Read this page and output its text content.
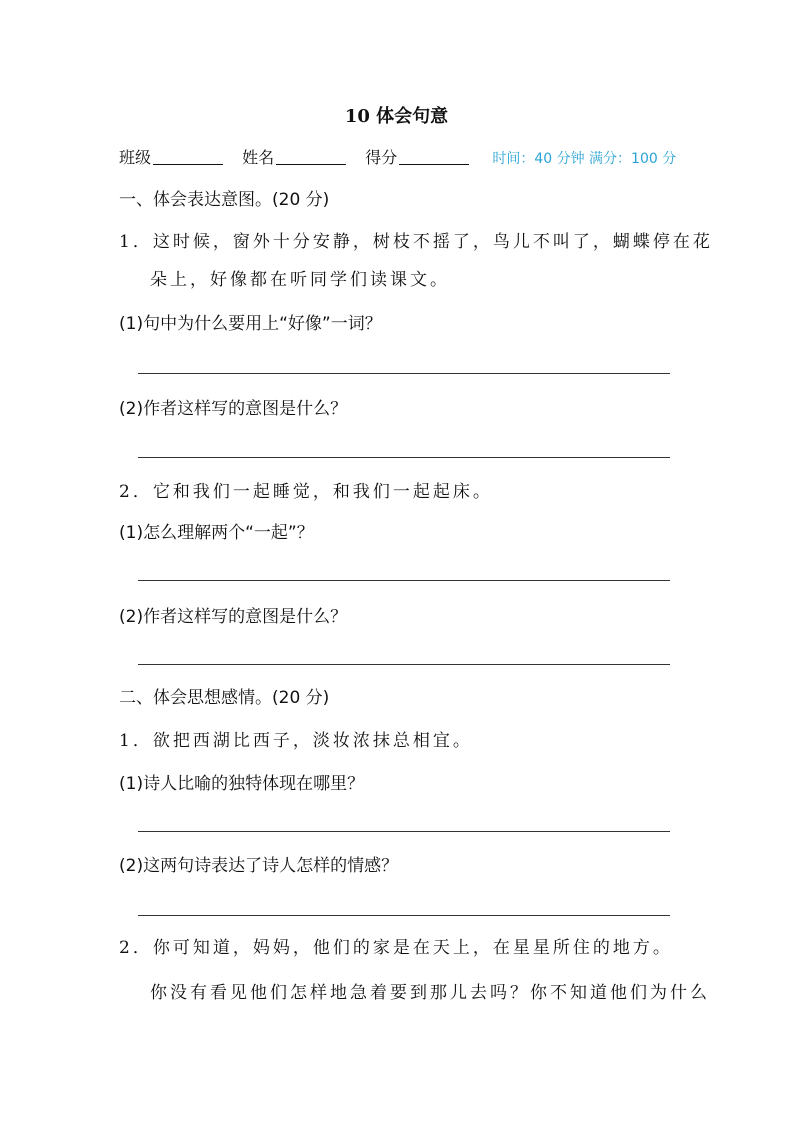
10 体会句意
班级	姓名	得分	时间：40 分钟 满分：100 分
一、体会表达意图。(20 分)
1．这时候，窗外十分安静，树枝不摇了，鸟儿不叫了，蝴蝶停在花
朵上，好像都在听同学们读课文。
(1)句中为什么要用上“好像”一词？
(2)作者这样写的意图是什么？
2．它和我们一起睡觉，和我们一起起床。
(1)怎么理解两个“一起”？
(2)作者这样写的意图是什么？
二、体会思想感情。(20 分)
1．欲把西湖比西子，淡妆浓抹总相宜。
(1)诗人比喻的独特体现在哪里？
(2)这两句诗表达了诗人怎样的情感？
2．你可知道，妈妈，他们的家是在天上，在星星所住的地方。
你没有看见他们怎样地急着要到那儿去吗？你不知道他们为什么
